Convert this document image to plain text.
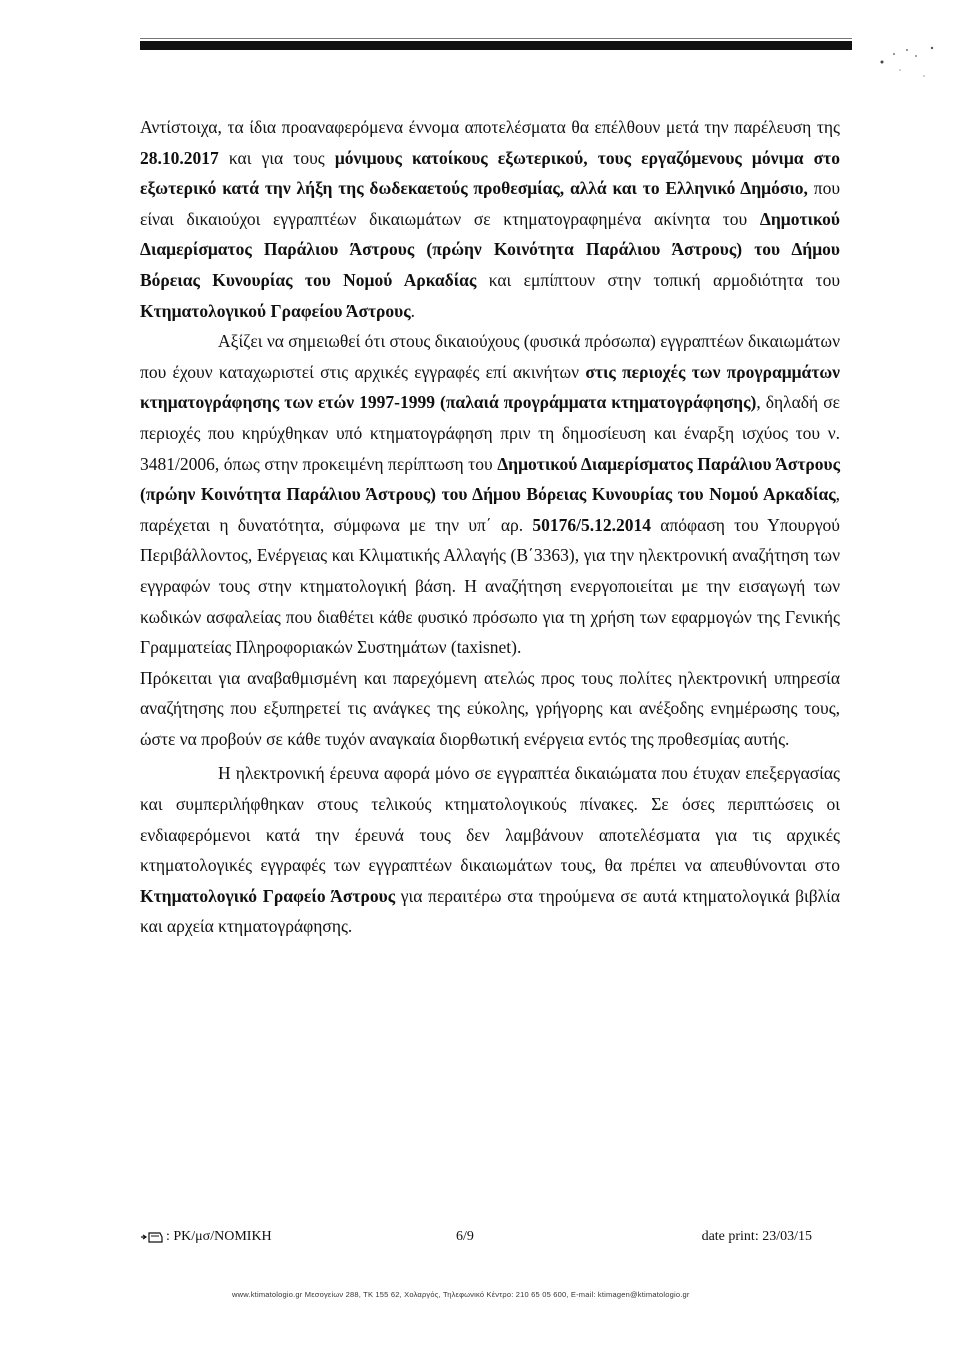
Αντίστοιχα, τα ίδια προαναφερόμενα έννομα αποτελέσματα θα επέλθουν μετά την παρέλευση της 28.10.2017 και για τους μόνιμους κατοίκους εξωτερικού, τους εργαζόμενους μόνιμα στο εξωτερικό κατά την λήξη της δωδεκαετούς προθεσμίας, αλλά και το Ελληνικό Δημόσιο, που είναι δικαιούχοι εγγραπτέων δικαιωμάτων σε κτηματογραφημένα ακίνητα του Δημοτικού Διαμερίσματος Παράλιου Άστρους (πρώην Κοινότητα Παράλιου Άστρους) του Δήμου Βόρειας Κυνουρίας του Νομού Αρκαδίας και εμπίπτουν στην τοπική αρμοδιότητα του Κτηματολογικού Γραφείου Άστρους.

Αξίζει να σημειωθεί ότι στους δικαιούχους (φυσικά πρόσωπα) εγγραπτέων δικαιωμάτων που έχουν καταχωριστεί στις αρχικές εγγραφές επί ακινήτων στις περιοχές των προγραμμάτων κτηματογράφησης των ετών 1997-1999 (παλαιά προγράμματα κτηματογράφησης), δηλαδή σε περιοχές που κηρύχθηκαν υπό κτηματογράφηση πριν τη δημοσίευση και έναρξη ισχύος του ν. 3481/2006, όπως στην προκειμένη περίπτωση του Δημοτικού Διαμερίσματος Παράλιου Άστρους (πρώην Κοινότητα Παράλιου Άστρους) του Δήμου Βόρειας Κυνουρίας του Νομού Αρκαδίας, παρέχεται η δυνατότητα, σύμφωνα με την υπ΄ αρ. 50176/5.12.2014 απόφαση του Υπουργού Περιβάλλοντος, Ενέργειας και Κλιματικής Αλλαγής (Β΄3363), για την ηλεκτρονική αναζήτηση των εγγραφών τους στην κτηματολογική βάση. Η αναζήτηση ενεργοποιείται με την εισαγωγή των κωδικών ασφαλείας που διαθέτει κάθε φυσικό πρόσωπο για τη χρήση των εφαρμογών της Γενικής Γραμματείας Πληροφοριακών Συστημάτων (taxisnet).

Πρόκειται για αναβαθμισμένη και παρεχόμενη ατελώς προς τους πολίτες ηλεκτρονική υπηρεσία αναζήτησης που εξυπηρετεί τις ανάγκες της εύκολης, γρήγορης και ανέξοδης ενημέρωσης τους, ώστε να προβούν σε κάθε τυχόν αναγκαία διορθωτική ενέργεια εντός της προθεσμίας αυτής.

Η ηλεκτρονική έρευνα αφορά μόνο σε εγγραπτέα δικαιώματα που έτυχαν επεξεργασίας και συμπεριλήφθηκαν στους τελικούς κτηματολογικούς πίνακες. Σε όσες περιπτώσεις οι ενδιαφερόμενοι κατά την έρευνά τους δεν λαμβάνουν αποτελέσματα για τις αρχικές κτηματολογικές εγγραφές των εγγραπτέων δικαιωμάτων τους, θα πρέπει να απευθύνονται στο Κτηματολογικό Γραφείο Άστρους για περαιτέρω στα τηρούμενα σε αυτά κτηματολογικά βιβλία και αρχεία κτηματογράφησης.

: PK/μσ/NOMIKH	6/9	date print: 23/03/15
www.ktimatologio.gr Μεσογείων 288, ΤΚ 155 62, Χολαργός, Τηλεφωνικό Κέντρο: 210 65 05 600, E-mail: ktimagen@ktimatologio.gr
